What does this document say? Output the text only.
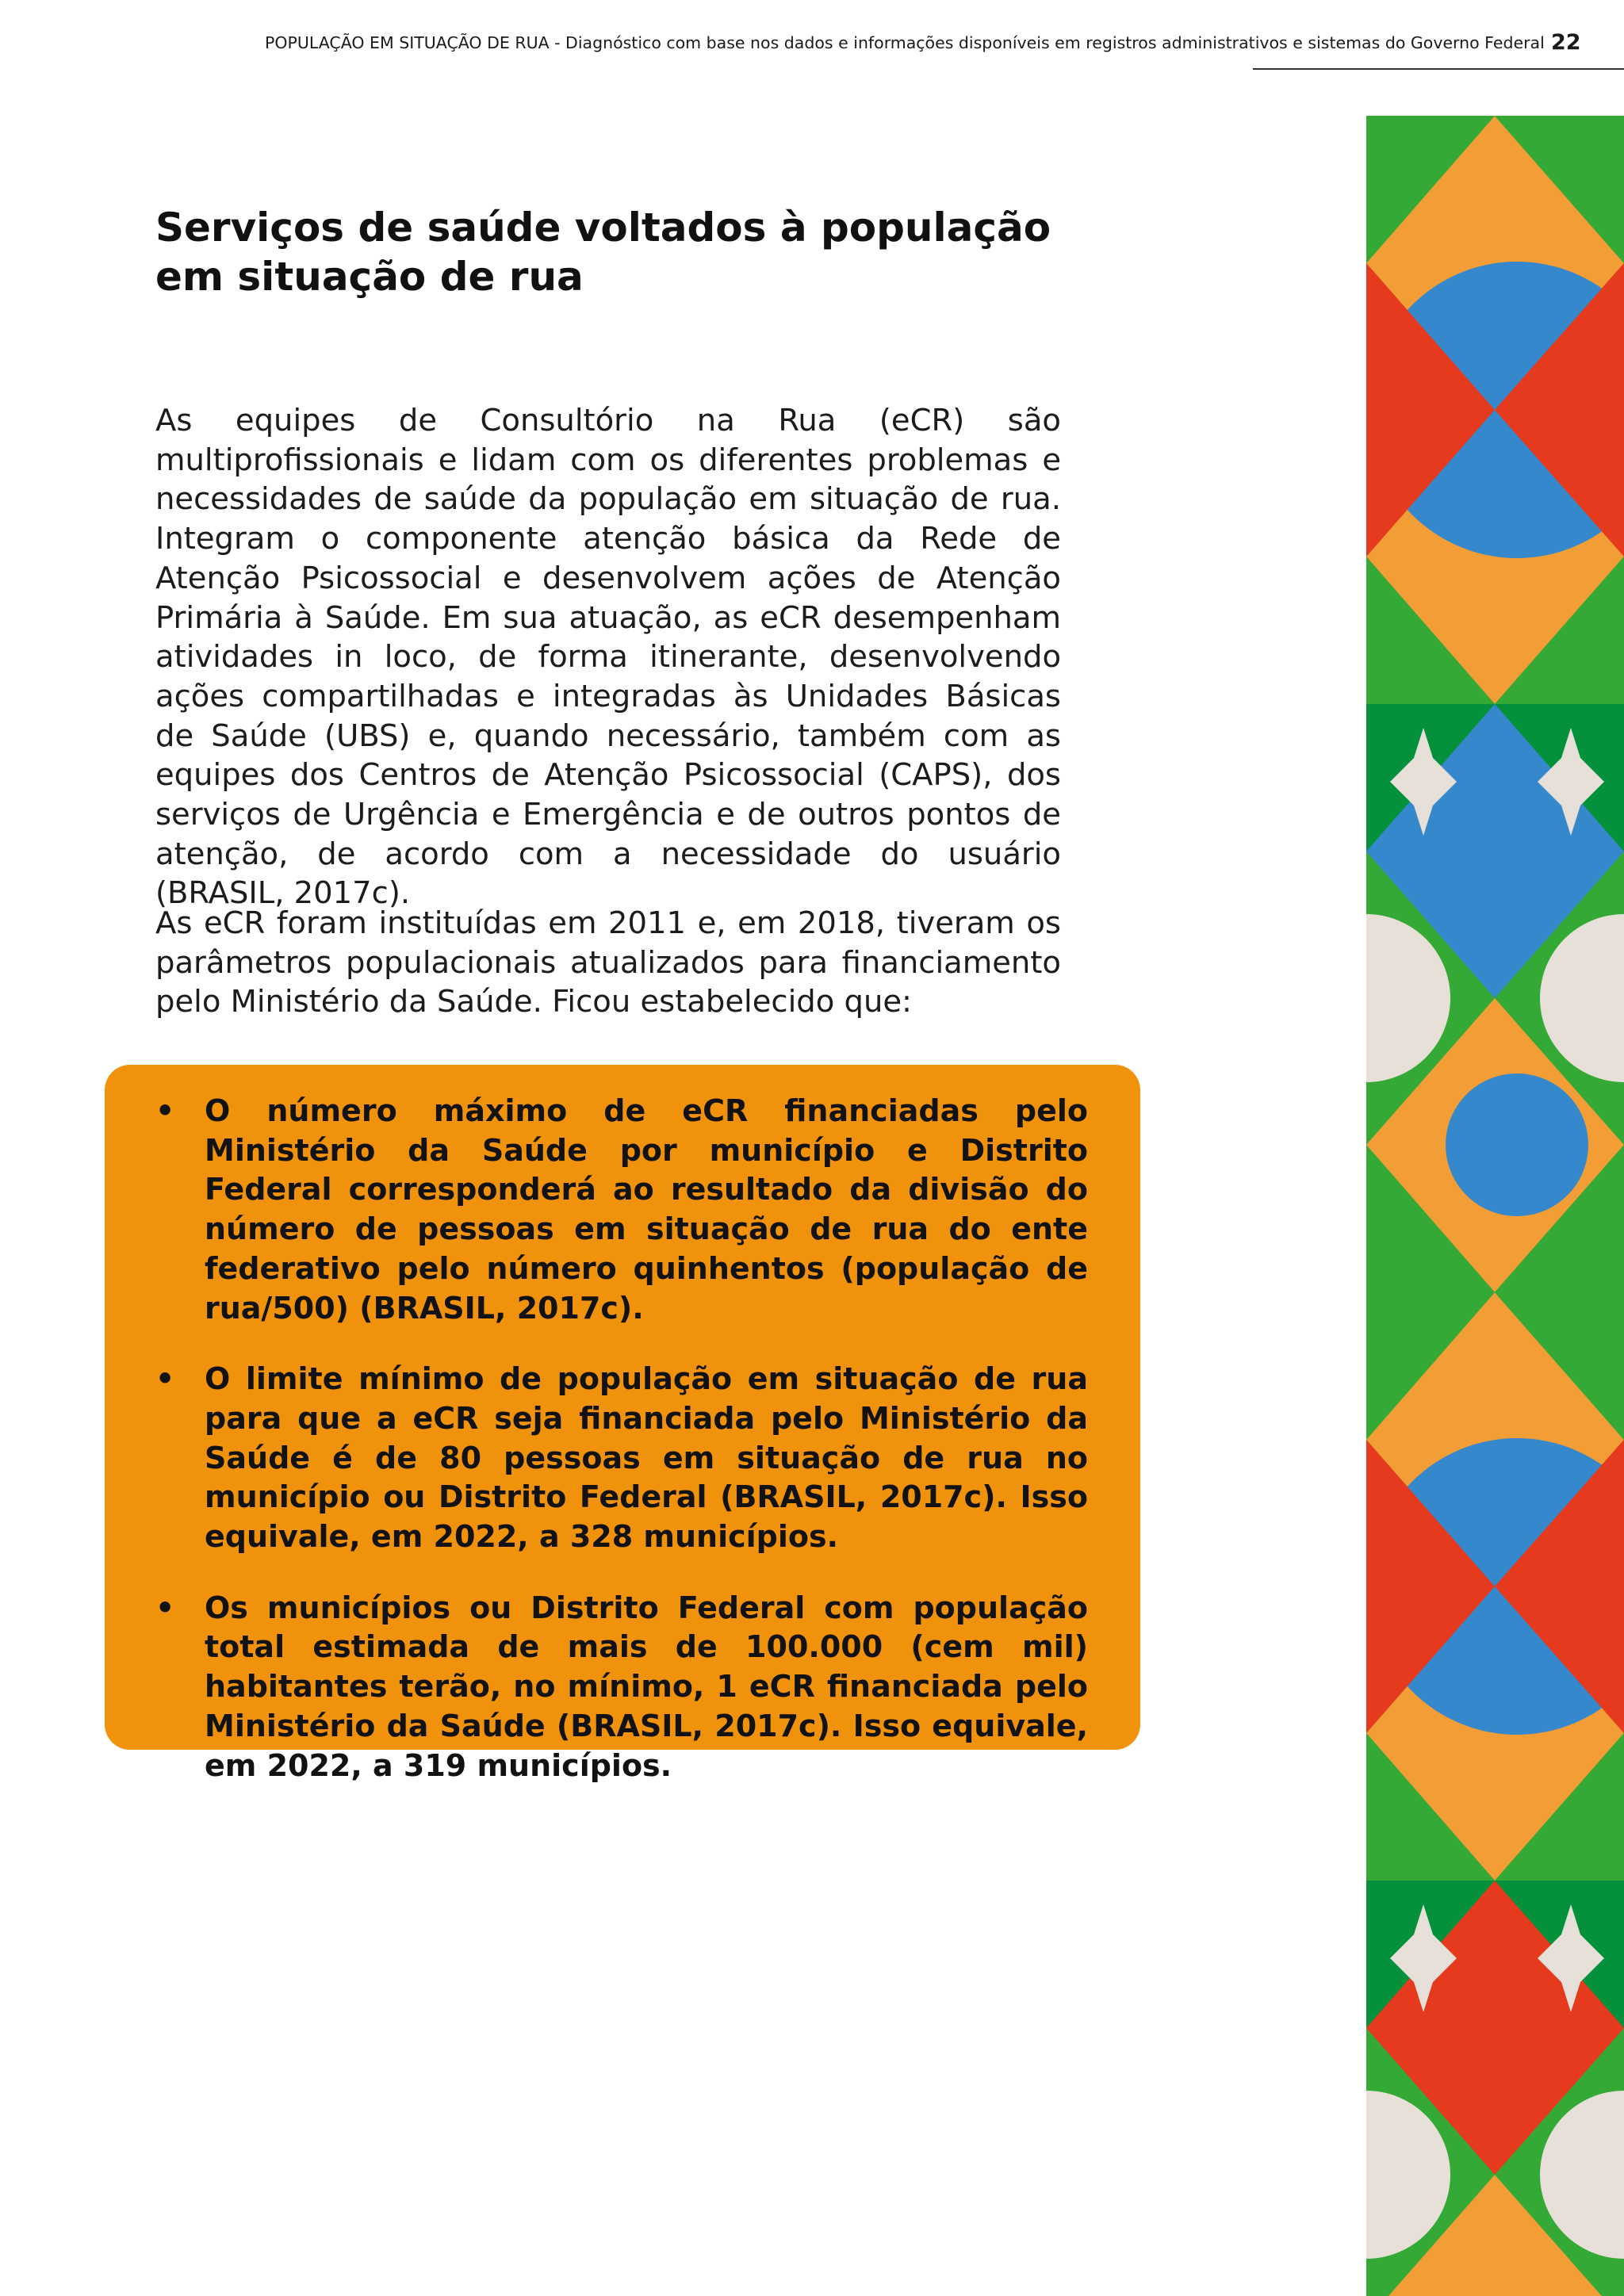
POPULAÇÃO EM SITUAÇÃO DE RUA - Diagnóstico com base nos dados e informações disponíveis em registros administrativos e sistemas do Governo Federal 22
Serviços de saúde voltados à população
em situação de rua

As equipes de Consultório na Rua (eCR) são multiprofissionais e lidam com os diferentes problemas e necessidades de saúde da população em situação de rua. Integram o componente atenção básica da Rede de Atenção Psicossocial e desenvolvem ações de Atenção Primária à Saúde. Em sua atuação, as eCR desempenham atividades in loco, de forma itinerante, desenvolvendo ações compartilhadas e integradas às Unidades Básicas de Saúde (UBS) e, quando necessário, também com as equipes dos Centros de Atenção Psicossocial (CAPS), dos serviços de Urgência e Emergência e de outros pontos de atenção, de acordo com a necessidade do usuário (BRASIL, 2017c).

As eCR foram instituídas em 2011 e, em 2018, tiveram os parâmetros populacionais atualizados para financiamento pelo Ministério da Saúde. Ficou estabelecido que:

• O número máximo de eCR financiadas pelo Ministério da Saúde por município e Distrito Federal corresponderá ao resultado da divisão do número de pessoas em situação de rua do ente federativo pelo número quinhentos (população de rua/500) (BRASIL, 2017c).
• O limite mínimo de população em situação de rua para que a eCR seja financiada pelo Ministério da Saúde é de 80 pessoas em situação de rua no município ou Distrito Federal (BRASIL, 2017c). Isso equivale, em 2022, a 328 municípios.
• Os municípios ou Distrito Federal com população total estimada de mais de 100.000 (cem mil) habitantes terão, no mínimo, 1 eCR financiada pelo Ministério da Saúde (BRASIL, 2017c). Isso equivale, em 2022, a 319 municípios.
